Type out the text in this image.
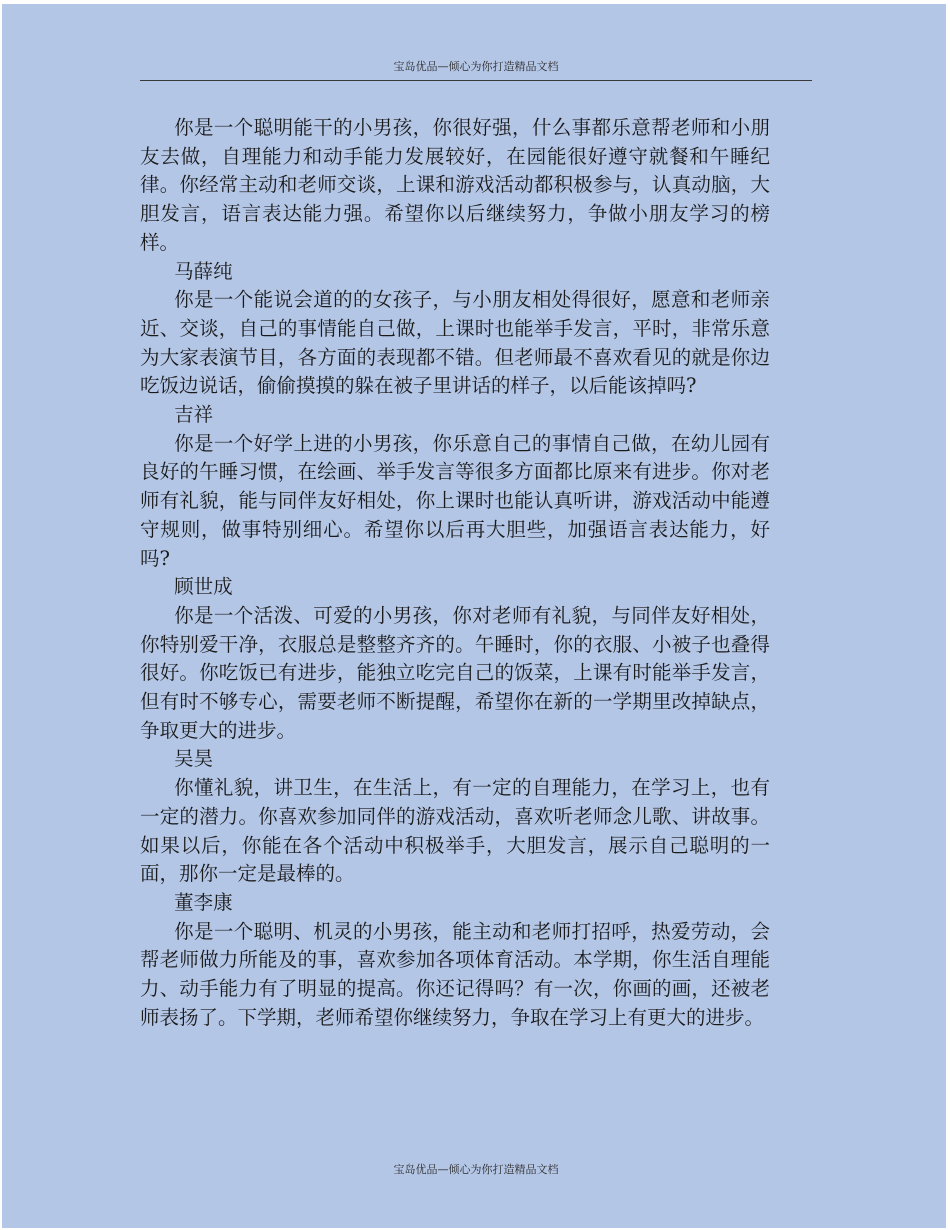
宝岛优品—倾心为你打造精品文档

你是一个聪明能干的小男孩，你很好强，什么事都乐意帮老师和小朋友去做，自理能力和动手能力发展较好，在园能很好遵守就餐和午睡纪律。你经常主动和老师交谈，上课和游戏活动都积极参与，认真动脑，大胆发言，语言表达能力强。希望你以后继续努力，争做小朋友学习的榜样。

马薛纯

你是一个能说会道的的女孩子，与小朋友相处得很好，愿意和老师亲近、交谈，自己的事情能自己做，上课时也能举手发言，平时，非常乐意为大家表演节目，各方面的表现都不错。但老师最不喜欢看见的就是你边吃饭边说话，偷偷摸摸的躲在被子里讲话的样子，以后能该掉吗?

吉祥

你是一个好学上进的小男孩，你乐意自己的事情自己做，在幼儿园有良好的午睡习惯，在绘画、举手发言等很多方面都比原来有进步。你对老师有礼貌，能与同伴友好相处，你上课时也能认真听讲，游戏活动中能遵守规则，做事特别细心。希望你以后再大胆些，加强语言表达能力，好吗?

顾世成

你是一个活泼、可爱的小男孩，你对老师有礼貌，与同伴友好相处，你特别爱干净，衣服总是整整齐齐的。午睡时，你的衣服、小被子也叠得很好。你吃饭已有进步，能独立吃完自己的饭菜，上课有时能举手发言，但有时不够专心，需要老师不断提醒，希望你在新的一学期里改掉缺点，争取更大的进步。

吴昊

你懂礼貌，讲卫生，在生活上，有一定的自理能力，在学习上，也有一定的潜力。你喜欢参加同伴的游戏活动，喜欢听老师念儿歌、讲故事。如果以后，你能在各个活动中积极举手，大胆发言，展示自己聪明的一面，那你一定是最棒的。

董李康

你是一个聪明、机灵的小男孩，能主动和老师打招呼，热爱劳动，会帮老师做力所能及的事，喜欢参加各项体育活动。本学期，你生活自理能力、动手能力有了明显的提高。你还记得吗？有一次，你画的画，还被老师表扬了。下学期，老师希望你继续努力，争取在学习上有更大的进步。

宝岛优品—倾心为你打造精品文档
